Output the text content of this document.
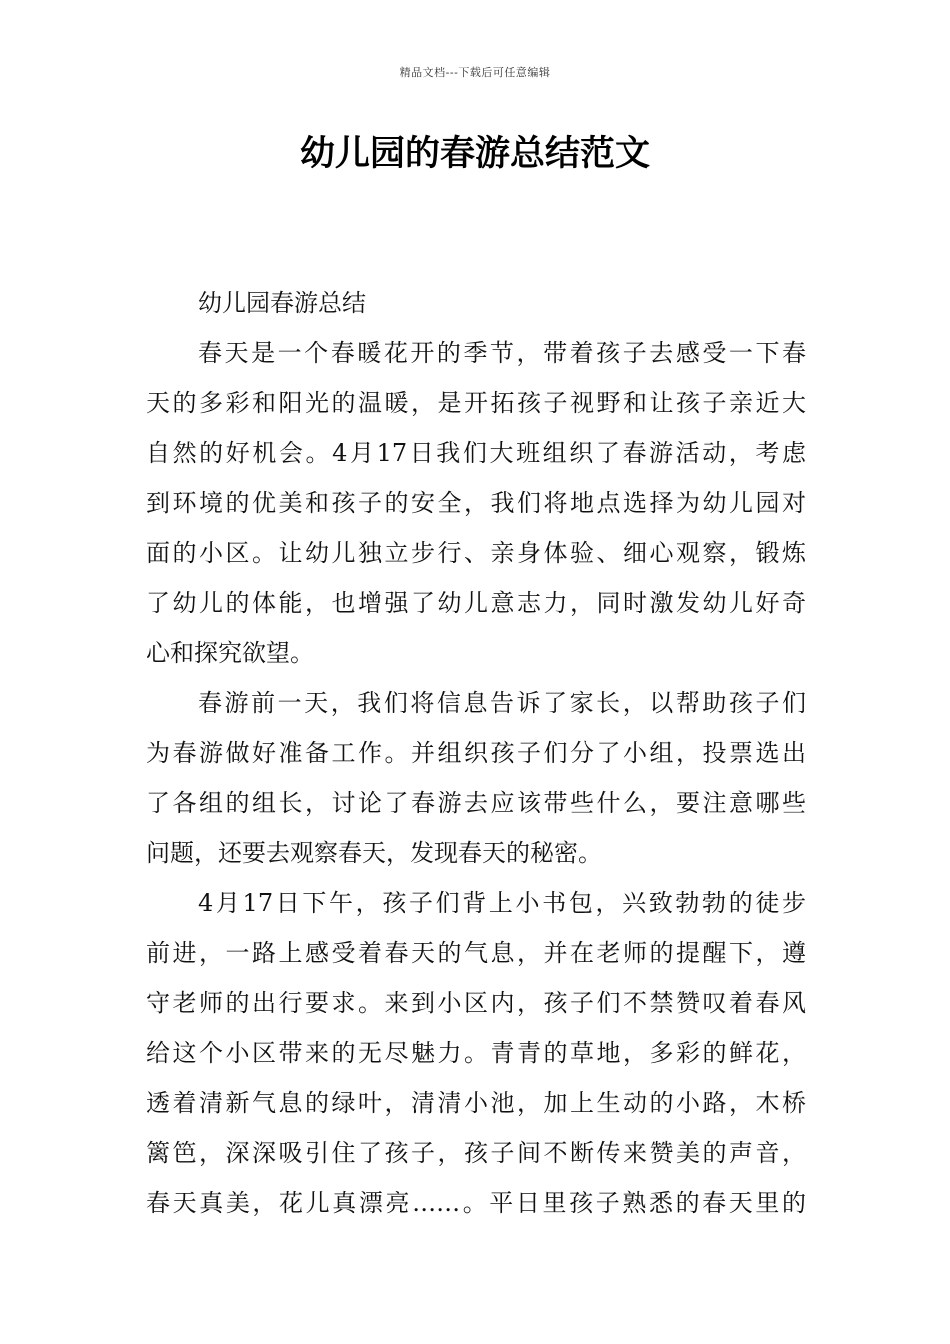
精品文档---下载后可任意编辑
幼儿园的春游总结范文
幼儿园春游总结
春天是一个春暖花开的季节，带着孩子去感受一下春
天的多彩和阳光的温暖，是开拓孩子视野和让孩子亲近大
自然的好机会。4月17日我们大班组织了春游活动，考虑
到环境的优美和孩子的安全，我们将地点选择为幼儿园对
面的小区。让幼儿独立步行、亲身体验、细心观察，锻炼
了幼儿的体能，也增强了幼儿意志力，同时激发幼儿好奇
心和探究欲望。
春游前一天，我们将信息告诉了家长，以帮助孩子们
为春游做好准备工作。并组织孩子们分了小组，投票选出
了各组的组长，讨论了春游去应该带些什么，要注意哪些
问题，还要去观察春天，发现春天的秘密。
4月17日下午，孩子们背上小书包，兴致勃勃的徒步
前进，一路上感受着春天的气息，并在老师的提醒下，遵
守老师的出行要求。来到小区内，孩子们不禁赞叹着春风
给这个小区带来的无尽魅力。青青的草地，多彩的鲜花，
透着清新气息的绿叶，清清小池，加上生动的小路，木桥
篱笆，深深吸引住了孩子，孩子间不断传来赞美的声音，
春天真美，花儿真漂亮……。平日里孩子熟悉的春天里的
